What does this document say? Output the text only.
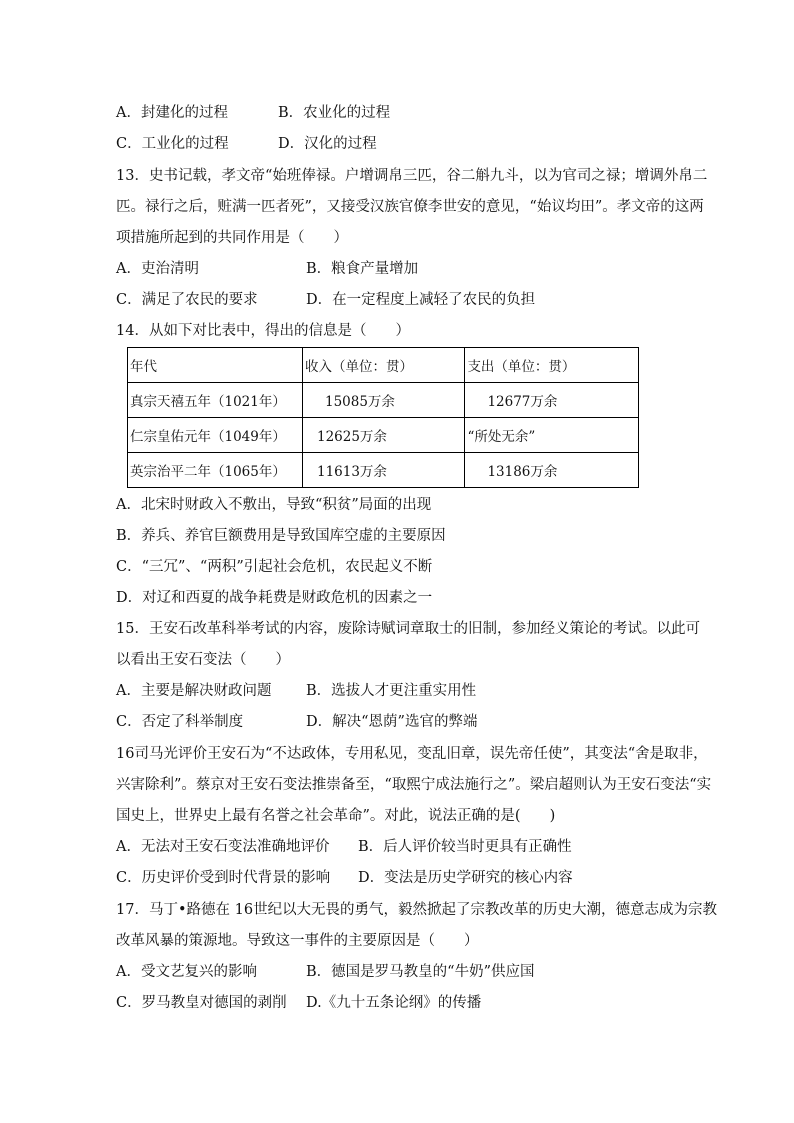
A．封建化的过程	B．农业化的过程
C．工业化的过程	D．汉化的过程
13．史书记载，孝文帝“始班俸禄。户增调帛三匹，谷二斛九斗，以为官司之禄；增调外帛二
匹。禄行之后，赃满一匹者死”，又接受汉族官僚李世安的意见，“始议均田”。孝文帝的这两
项措施所起到的共同作用是（　　）
A．吏治清明	B．粮食产量增加
C．满足了农民的要求	D．在一定程度上减轻了农民的负担
14．从如下对比表中，得出的信息是（　　）
年代	收入（单位：贯）	支出（单位：贯）
真宗天禧五年（1021年）	15085万余	12677万余
仁宗皇佑元年（1049年）	12625万余	“所处无余”
英宗治平二年（1065年）	11613万余	13186万余
A．北宋时财政入不敷出，导致“积贫”局面的出现
B．养兵、养官巨额费用是导致国库空虚的主要原因
C．“三冗”、“两积”引起社会危机，农民起义不断
D．对辽和西夏的战争耗费是财政危机的因素之一
15．王安石改革科举考试的内容，废除诗赋词章取士的旧制，参加经义策论的考试。以此可
以看出王安石变法（　　）
A．主要是解决财政问题 B．选拔人才更注重实用性
C．否定了科举制度	D．解决“恩荫”选官的弊端
16司马光评价王安石为“不达政体，专用私见，变乱旧章，误先帝任使”，其变法“舍是取非，
兴害除利”。蔡京对王安石变法推崇备至，“取熙宁成法施行之”。梁启超则认为王安石变法“实
国史上，世界史上最有名誉之社会革命”。对此，说法正确的是(　　)
A．无法对王安石变法准确地评价 B．后人评价较当时更具有正确性
C．历史评价受到时代背景的影响 D．变法是历史学研究的核心内容
17．马丁•路德在 16世纪以大无畏的勇气，毅然掀起了宗教改革的历史大潮，德意志成为宗教
改革风暴的策源地。导致这一事件的主要原因是（　　）
A．受文艺复兴的影响	B．德国是罗马教皇的“牛奶”供应国
C．罗马教皇对德国的剥削 D.《九十五条论纲》的传播
